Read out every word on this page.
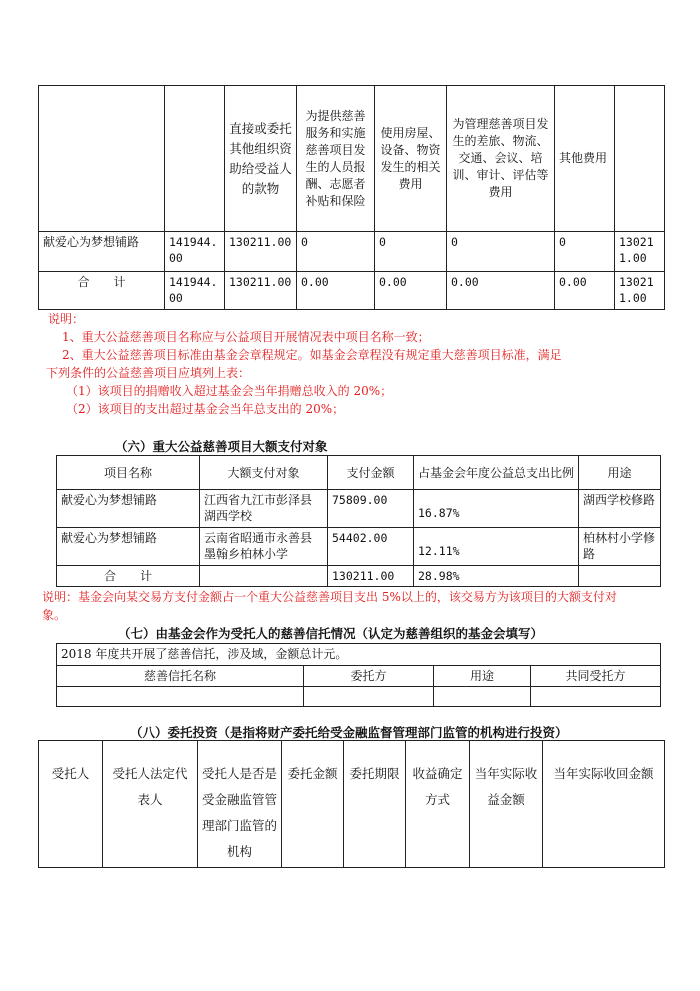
		直接或委托其他组织资助给受益人的款物	为提供慈善服务和实施慈善项目发生的人员报酬、志愿者补贴和保险	使用房屋、设备、物资发生的相关费用	为管理慈善项目发生的差旅、物流、交通、会议、培训、审计、评估等费用	其他费用	
献爱心为梦想铺路	141944.00	130211.00	0	0	0	0	130211.00
合　　计	141944.00	130211.00	0.00	0.00	0.00	0.00	130211.00
说明：
1、重大公益慈善项目名称应与公益项目开展情况表中项目名称一致；
2、重大公益慈善项目标准由基金会章程规定。如基金会章程没有规定重大慈善项目标准，满足
下列条件的公益慈善项目应填列上表：
（1）该项目的捐赠收入超过基金会当年捐赠总收入的 20%；
（2）该项目的支出超过基金会当年总支出的 20%；
（六）重大公益慈善项目大额支付对象
项目名称	大额支付对象	支付金额	占基金会年度公益总支出比例	用途
献爱心为梦想铺路	江西省九江市彭泽县湖西学校	75809.00	16.87%	湖西学校修路
献爱心为梦想铺路	云南省昭通市永善县墨翰乡柏林小学	54402.00	12.11%	柏林村小学修路
合　　计		130211.00	28.98%	
说明：基金会向某交易方支付金额占一个重大公益慈善项目支出 5%以上的，该交易方为该项目的大额支付对象。
（七）由基金会作为受托人的慈善信托情况（认定为慈善组织的基金会填写）
2018 年度共开展了慈善信托，涉及域，金额总计元。			
慈善信托名称	委托方	用途	共同受托方

（八）委托投资（是指将财产委托给受金融监督管理部门监管的机构进行投资）
受托人	受托人法定代表人	受托人是否是受金融监管管理部门监管的机构	委托金额	委托期限	收益确定方式	当年实际收益金额	当年实际收回金额
